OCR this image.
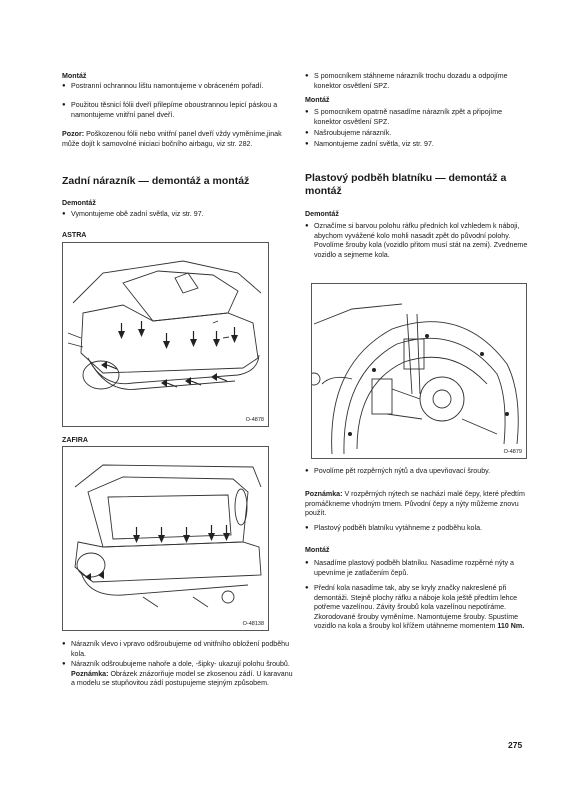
Montáž
● Postranní ochrannou lištu namontujeme v obráceném pořadí.
● Použitou těsnicí fólii dveří přilepíme oboustrannou lepicí páskou a namontujeme vnitřní panel dveří.
Pozor: Poškozenou fólii nebo vnitřní panel dveří vždy vyměníme,jinak může dojít k samovolné iniciaci bočního airbagu, viz str. 282.
Zadní nárazník — demontáž a montáž
Demontáž
● Vymontujeme obě zadní světla, viz str. 97.
ASTRA
O-4878
ZAFIRA
O-48138
● Nárazník vlevo i vpravo odšroubujeme od vnitřního obložení podběhu kola.
● Nárazník odšroubujeme nahoře a dole, -šipky- ukazují polohu šroubů. Poznámka: Obrázek znázorňuje model se zkosenou zádí. U karavanu a modelu se stupňovitou zádí postupujeme stejným způsobem.
● S pomocníkem stáhneme nárazník trochu dozadu a odpojíme konektor osvětlení SPZ.
Montáž
● S pomocníkem opatrně nasadíme nárazník zpět a připojíme konektor osvětlení SPZ.
● Našroubujeme nárazník.
● Namontujeme zadní světla, viz str. 97.
Plastový podběh blatníku — demontáž a montáž
Demontáž
● Označíme si barvou polohu ráfku předních kol vzhledem k náboji, abychom vyvážené kolo mohli nasadit zpět do původní polohy. Povolíme šrouby kola (vozidlo přitom musí stát na zemi). Zvedneme vozidlo a sejmeme kola.
O-4879
● Povolíme pět rozpěrných nýtů a dva upevňovací šrouby.
Poznámka: V rozpěrných nýtech se nachází malé čepy, které předtím promáčkneme vhodným trnem. Původní čepy a nýty můžeme znovu použít.
● Plastový podběh blatníku vytáhneme z podběhu kola.
Montáž
● Nasadíme plastový podběh blatníku. Nasadíme rozpěrné nýty a upevníme je zatlačením čepů.
● Přední kola nasadíme tak, aby se kryly značky nakreslené při demontáži. Stejně plochy ráfku a náboje kola ještě předtím lehce potřeme vazelínou. Závity šroubů kola vazelínou nepotíráme. Zkorodované šrouby vyměníme. Namontujeme šrouby. Spustíme vozidlo na kola a šrouby kol křížem utáhneme momentem 110 Nm.
275
